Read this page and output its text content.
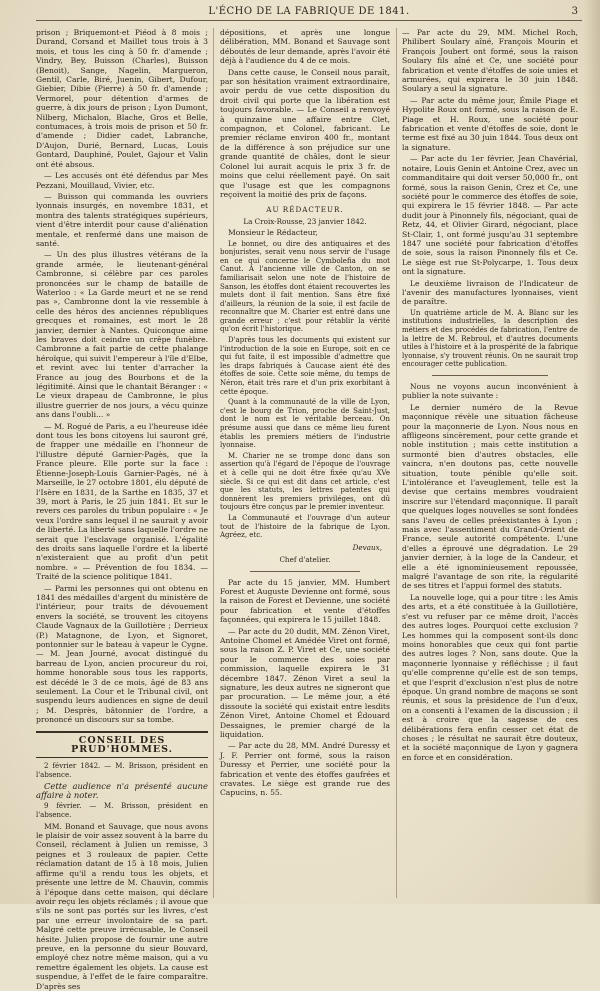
L'ÉCHO DE LA FABRIQUE DE 1841.	3

prison ; Briquemont-et Piéod à 8 mois ; Durand, Corsand et Maillet tous trois à 3 mois, et tous les cinq à 50 fr. d'amende ; Vindry, Bey, Buisson (Charles), Buisson (Benoit), Sange, Nagelin, Margueron, Gentil, Carle, Biré, Juenin, Gibert, Dufour, Giebier, Dibie (Pierre) à 50 fr. d'amende ; Vermorel, pour détention d'armes de guerre, à dix jours de prison ; Lyon Dumont, Nilberg, Michalon, Blache, Gros et Belle, contumaces, à trois mois de prison et 50 fr. d'amende ; Didier cadet, Labranche, D'Aujon, Durié, Bernard, Lucas, Louis Gontard, Dauphiné, Poulet, Gajour et Valin ont été absous.

— Les accusés ont été défendus par Mes Pezzani, Mouillaud, Vivier, etc.

— Buisson qui commanda les ouvriers lyonnais insurgés, en novembre 1831, et montra des talents stratégiques supérieurs, vient d'être interdit pour cause d'aliénation mentale, et renfermé dans une maison de santé.

— Un des plus illustres vétérans de la grande armée, le lieutenant-général Cambronne, si célèbre par ces paroles prononcées sur le champ de bataille de Waterloo : « La Garde meurt et ne se rend pas », Cambronne dont la vie ressemble à celle des héros des anciennes républiques grecques et romaines, est mort le 28 janvier, dernier à Nantes. Quiconque aime les braves doit ceindre un crêpe funèbre. Cambronne a fait partie de cette phalange héroïque, qui suivit l'empereur à l'île d'Elbe, et revint avec lui tenter d'arracher la France au joug des Bourbons et de la légitimité. Ainsi que le chantait Béranger : « Le vieux drapeau de Cambronne, le plus illustre guerrier de nos jours, a vécu quinze ans dans l'oubli... »

— M. Rogué de Paris, a eu l'heureuse idée dont tous les bons citoyens lui sauront gré, de frapper une médaille en l'honneur de l'illustre député Garnier-Pagès, que la France pleure. Elle porte sur la face : Étienne-Joseph-Louis Garnier-Pagès, né à Marseille, le 27 octobre 1801, élu député de l'Isère en 1831, de la Sarthe en 1835, 37 et 39, mort à Paris, le 25 juin 1841. Et sur le revers ces paroles du tribun populaire : « Je veux l'ordre sans lequel il ne saurait y avoir de liberté. La liberté sans laquelle l'ordre ne serait que l'esclavage organisé. L'égalité des droits sans laquelle l'ordre et la liberté n'existeraient que au profit d'un petit nombre. » — Prévention de fou 1834. — Traité de la science politique 1841.

— Parmi les personnes qui ont obtenu en 1841 des médailles d'argent du ministère de l'intérieur, pour traits de dévouement envers la société, se trouvent les citoyens Claude Vagnaux de la Guillotière ; Derrieux (P.) Matagnone, de Lyon, et Signoret, pontonnier sur le bateau à vapeur le Cygne. — M. Jean Journé, avocat distingué du barreau de Lyon, ancien procureur du roi, homme honorable sous tous les rapports, est décédé le 3 de ce mois, âgé de 83 ans seulement. La Cour et le Tribunal civil, ont suspendu leurs audiences en signe de deuil ; M. Desprès, bâtonnier de l'ordre, a prononcé un discours sur sa tombe.

CONSEIL DES PRUD'HOMMES.

2 février 1842. — M. Brisson, président en l'absence.

Cette audience n'a présenté aucune affaire à noter.

9 février. — M. Brisson, président en l'absence.

MM. Bonand et Sauvage, que nous avons le plaisir de voir assez souvent à la barre du Conseil, réclament à Julien un remisse, 3 peignes et 3 rouleaux de papier. Cette réclamation datant de 15 à 18 mois, Julien affirme qu'il a rendu tous les objets, et présente une lettre de M. Chauvin, commis à l'époque dans cette maison, qui déclare avoir reçu les objets réclamés ; il avoue que s'ils ne sont pas portés sur les livres, c'est par une erreur involontaire de sa part. Malgré cette preuve irrécusable, le Conseil hésite. Julien propose de fournir une autre preuve, en la personne du sieur Bouvard, employé chez notre même maison, qui a vu remettre également les objets. La cause est suspendue, à l'effet de le faire comparaître. D'après ses

dépositions, et après une longue délibération, MM. Bonand et Sauvage sont déboutés de leur demande, après l'avoir été déjà à l'audience du 4 de ce mois.

Dans cette cause, le Conseil nous paraît, par son hésitation vraiment extraordinaire, avoir perdu de vue cette disposition du droit civil qui porte que la libération est toujours favorable. — Le Conseil a renvoyé à quinzaine une affaire entre Clet, compagnon, et Colonel, fabricant. Le premier réclame environ 400 fr., montant de la différence à son préjudice sur une grande quantité de châles, dont le sieur Colonel lui aurait acquis le prix 3 fr. de moins que celui réellement payé. On sait que l'usage est que les compagnons reçoivent la moitié des prix de façons.

AU RÉDACTEUR.
La Croix-Rousse, 23 janvier 1842.

Monsieur le Rédacteur,

Le bonnet, ou dire des antiquaires et des bonjuristes, serait venu nous servir de l'usage en ce qui concerne le Cymbolefia du mot Canut. A l'ancienne ville de Canton, on se familiarisait selon une note de l'histoire de Sanson, les étoffes dont étaient recouvertes les mulets dont il fait mention. Sans être fixé d'ailleurs, la réunion de la soie, il est facile de reconnaître que M. Charier est entré dans une grande erreur ; c'est pour rétablir la vérité qu'on écrit l'historique.

D'après tous les documents qui existent sur l'introduction de la soie en Europe, soit en ce qui fut faite, il est impossible d'admettre que les draps fabriqués à Caucase aient été des étoffes de soie. Cette soie même, du temps de Néron, était très rare et d'un prix exorbitant à cette époque.

Quant à la communauté de la ville de Lyon, c'est le bourg de Trion, proche de Saint-Just, dont le nom est le véritable berceau. On présume aussi que dans ce même lieu furent établis les premiers métiers de l'industrie lyonnaise.

M. Charier ne se trompe donc dans son assertion qu'à l'égard de l'époque de l'ouvrage et à celle qui ne doit être fixée qu'au XVe siècle. Si ce qui est dit dans cet article, c'est que les statuts, les lettres patentes qui donnèrent les premiers priviléges, ont dû toujours être conçus par le premier inventeur.

La Communauté et l'ouvrage d'un auteur tout de l'histoire de la fabrique de Lyon. Agréez, etc.

Devaux,
Chef d'atelier.

Par acte du 15 janvier, MM. Humbert Forest et Auguste Devienne ont formé, sous la raison de Forest et Devienne, une société pour fabrication et vente d'étoffes façonnées, qui expirera le 15 juillet 1848.

— Par acte du 20 dudit, MM. Zénon Viret, Antoine Chomel et Amédée Viret ont formé, sous la raison Z. P. Viret et Ce, une société pour le commerce des soies par commission, laquelle expirera le 31 décembre 1847. Zénon Viret a seul la signature, les deux autres ne signeront que par procuration. — Le même jour, a été dissoute la société qui existait entre lesdits Zénon Viret, Antoine Chomel et Édouard Dessaignes, le premier chargé de la liquidation.

— Par acte du 28, MM. André Duressy et J. F. Perrier ont formé, sous la raison Duressy et Perrier, une société pour la fabrication et vente des étoffes gaufrées et cravates. Le siège est grande rue des Capucins, n. 55.

— Par acte du 29, MM. Michel Roch, Philibert Soulary aîné, François Mourin et François Joubert ont formé, sous la raison Soulary fils aîné et Ce, une société pour fabrication et vente d'étoffes de soie unies et armurées, qui expirera le 30 juin 1848. Soulary a seul la signature.

— Par acte du même jour, Émile Piage et Hypolite Roux ont formé, sous la raison de E. Piage et H. Roux, une société pour fabrication et vente d'étoffes de soie, dont le terme est fixé au 30 juin 1844. Tous deux ont la signature.

— Par acte du 1er février, Jean Chavérial, notaire, Louis Genin et Antoine Crez, avec un commanditaire qui doit verser 50,000 fr., ont formé, sous la raison Genin, Crez et Ce, une société pour le commerce des étoffes de soie, qui expirera le 15 février 1848. — Par acte dudit jour à Pinonnely fils, négociant, quai de Retz, 44, et Olivier Girard, négociant, place St-Clair, 1, ont formé jusqu'au 31 septembre 1847 une société pour fabrication d'étoffes de soie, sous la raison Pinonnely fils et Ce. Le siège est rue St-Polycarpe, 1. Tous deux ont la signature.

Le deuxième livraison de l'Indicateur de l'avenir des manufactures lyonnaises, vient de paraître.

Un quatrième article de M. A. Blanc sur les institutions industrielles, la description des métiers et des procédés de fabrication, l'entre de la lettre de M. Rebroul, et d'autres documents utiles à l'histoire et à la prospérité de la fabrique lyonnaise, s'y trouvent réunis. On ne saurait trop encourager cette publication.

Nous ne voyons aucun inconvénient à publier la note suivante :

Le dernier numéro de la Revue maçonnique révèle une situation fâcheuse pour la maçonnerie de Lyon. Nous nous en affligeons sincèrement, pour cette grande et noble institution ; mais cette institution a surmonté bien d'autres obstacles, elle vaincra, n'en doutons pas, cette nouvelle situation, toute pénible qu'elle soit. L'intolérance et l'aveuglement, telle est la devise que certains membres voudraient inscrire sur l'étendard maçonnique. Il paraît que quelques loges nouvelles se sont fondées sans l'aveu de celles préexistantes à Lyon ; mais avec l'assentiment du Grand-Orient de France, seule autorité compétente. L'une d'elles a éprouvé une dégradation. Le 29 janvier dernier, à la loge de la Candeur, et elle a été ignominieusement repoussée, malgré l'avantage de son rite, la régularité de ses titres et l'appui formel des statuts.

La nouvelle loge, qui a pour titre : les Amis des arts, et a été constituée à la Guillotière, s'est vu refuser par ce même droit, l'accès des autres loges. Pourquoi cette exclusion ? Les hommes qui la composent sont-ils donc moins honorables que ceux qui font partie des autres loges ? Non, sans doute. Que la maçonnerie lyonnaise y réfléchisse ; il faut qu'elle comprenne qu'elle est de son temps, et que l'esprit d'exclusion n'est plus de notre époque. Un grand nombre de maçons se sont réunis, et sous la présidence de l'un d'eux, on a consenti à l'examen de la discussion ; il est à croire que la sagesse de ces délibérations fera enfin cesser cet état de choses ; le résultat ne saurait être douteux, et la société maçonnique de Lyon y gagnera en force et en considération.
